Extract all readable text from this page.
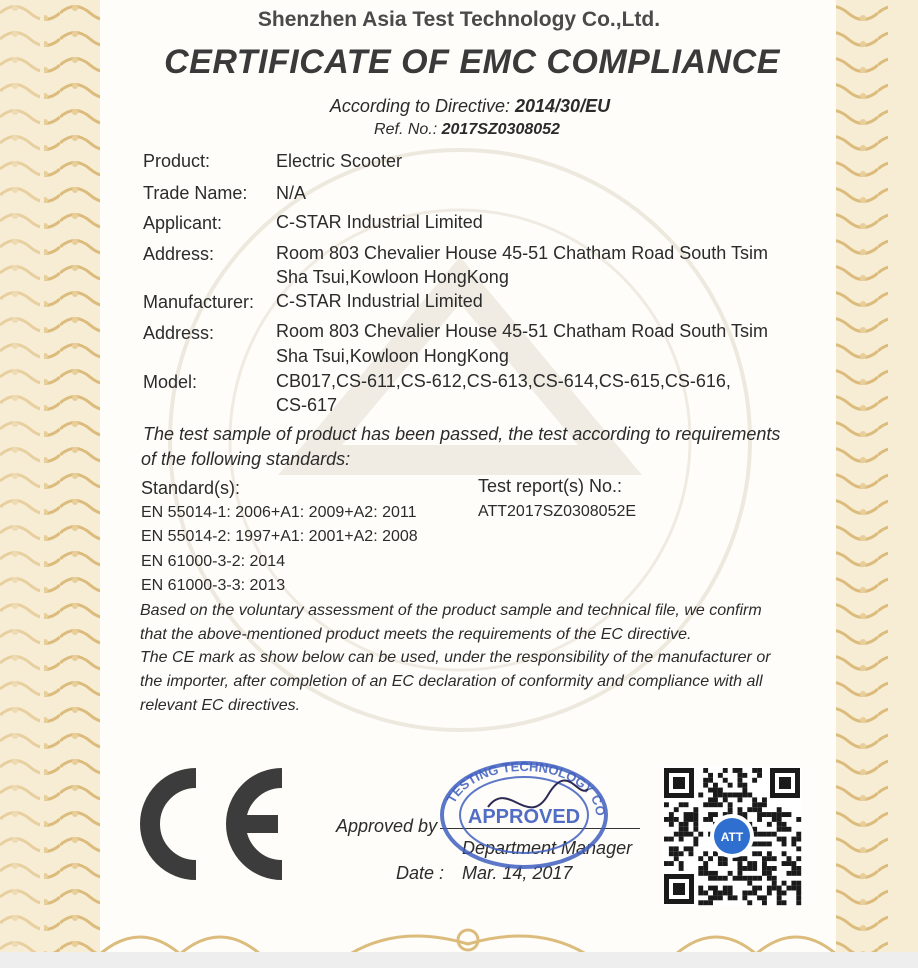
Shenzhen Asia Test Technology Co.,Ltd.
CERTIFICATE OF EMC COMPLIANCE
According to Directive: 2014/30/EU
Ref. No.: 2017SZ0308052
Product:	Electric Scooter
Trade Name: N/A
Applicant:	C-STAR Industrial Limited
Address:	Room 803 Chevalier House 45-51 Chatham Road South Tsim
Sha Tsui,Kowloon HongKong
Manufacturer: C-STAR Industrial Limited
Address:	Room 803 Chevalier House 45-51 Chatham Road South Tsim
Sha Tsui,Kowloon HongKong
Model:	CB017,CS-611,CS-612,CS-613,CS-614,CS-615,CS-616,
CS-617
The test sample of product has been passed, the test according to requirements
of the following standards:
Standard(s):
EN 55014-1: 2006+A1: 2009+A2: 2011
EN 55014-2: 1997+A1: 2001+A2: 2008
EN 61000-3-2: 2014
EN 61000-3-3: 2013
Test report(s) No.:
ATT2017SZ0308052E
Based on the voluntary assessment of the product sample and technical file, we confirm
that the above-mentioned product meets the requirements of the EC directive.
The CE mark as show below can be used, under the responsibility of the manufacturer or
the importer, after completion of an EC declaration of conformity and compliance with all
relevant EC directives.
Approved by
Department Manager
Date : Mar. 14, 2017
TESTING TECHNOLOGY CO
APPROVED
ATT
